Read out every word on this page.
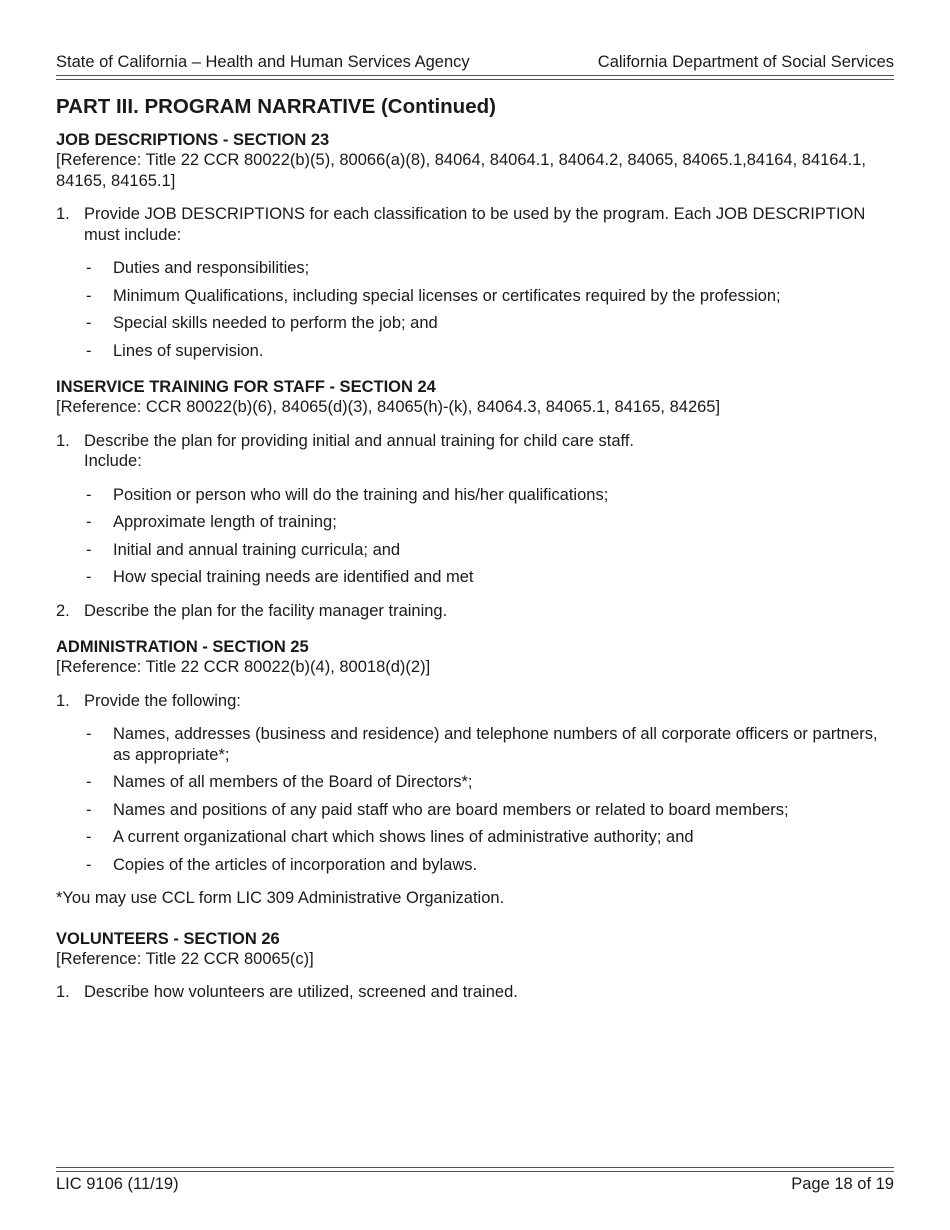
State of California – Health and Human Services Agency	California Department of Social Services
PART III. PROGRAM NARRATIVE (Continued)
JOB DESCRIPTIONS - SECTION 23

[Reference: Title 22 CCR 80022(b)(5), 80066(a)(8), 84064, 84064.1, 84064.2, 84065, 84065.1,84164, 84164.1, 84165, 84165.1]

1. Provide JOB DESCRIPTIONS for each classification to be used by the program. Each JOB DESCRIPTION must include:
-	Duties and responsibilities;
-	Minimum Qualifications, including special licenses or certificates required by the profession;
-	Special skills needed to perform the job; and
-	Lines of supervision.
INSERVICE TRAINING FOR STAFF - SECTION 24

[Reference: CCR 80022(b)(6), 84065(d)(3), 84065(h)-(k), 84064.3, 84065.1, 84165, 84265]

1. Describe the plan for providing initial and annual training for child care staff.
Include:
-	Position or person who will do the training and his/her qualifications;
-	Approximate length of training;
-	Initial and annual training curricula; and
-	How special training needs are identified and met
2. Describe the plan for the facility manager training.
ADMINISTRATION - SECTION 25

[Reference: Title 22 CCR 80022(b)(4), 80018(d)(2)]

1. Provide the following:
-	Names, addresses (business and residence) and telephone numbers of all corporate officers or partners, as appropriate*;
-	Names of all members of the Board of Directors*;
-	Names and positions of any paid staff who are board members or related to board members;
-	A current organizational chart which shows lines of administrative authority; and
-	Copies of the articles of incorporation and bylaws.

*You may use CCL form LIC 309 Administrative Organization.

VOLUNTEERS - SECTION 26

[Reference: Title 22 CCR 80065(c)]

1. Describe how volunteers are utilized, screened and trained.
LIC 9106 (11/19)	Page 18 of 19
